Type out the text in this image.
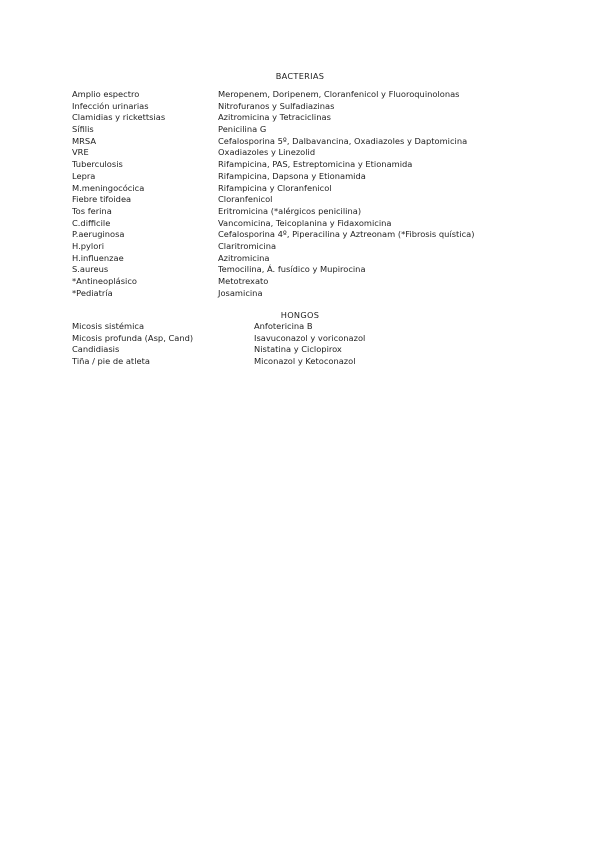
BACTERIAS
Amplio espectro	Meropenem, Doripenem, Cloranfenicol y Fluoroquinolonas
Infección urinarias	Nitrofuranos y Sulfadiazinas
Clamidias y rickettsias	Azitromicina y Tetraciclinas
Sífilis	Penicilina G
MRSA	Cefalosporina 5º, Dalbavancina, Oxadiazoles y Daptomicina
VRE	Oxadiazoles y Linezolid
Tuberculosis	Rifampicina, PAS, Estreptomicina y Etionamida
Lepra	Rifampicina, Dapsona y Etionamida
M.meningocócica	Rifampicina y Cloranfenicol
Fiebre tifoidea	Cloranfenicol
Tos ferina	Eritromicina (*alérgicos penicilina)
C.difficile	Vancomicina, Teicoplanina y Fidaxomicina
P.aeruginosa	Cefalosporina 4º, Piperacilina y Aztreonam (*Fibrosis quística)
H.pylori	Claritromicina
H.influenzae	Azitromicina
S.aureus	Temocilina, Á. fusídico y Mupirocina
*Antineoplásico	Metotrexato
*Pediatría	Josamicina
HONGOS
Micosis sistémica	Anfotericina B
Micosis profunda (Asp, Cand)	Isavuconazol y voriconazol
Candidiasis	Nistatina y Ciclopirox
Tiña / pie de atleta	Miconazol y Ketoconazol
